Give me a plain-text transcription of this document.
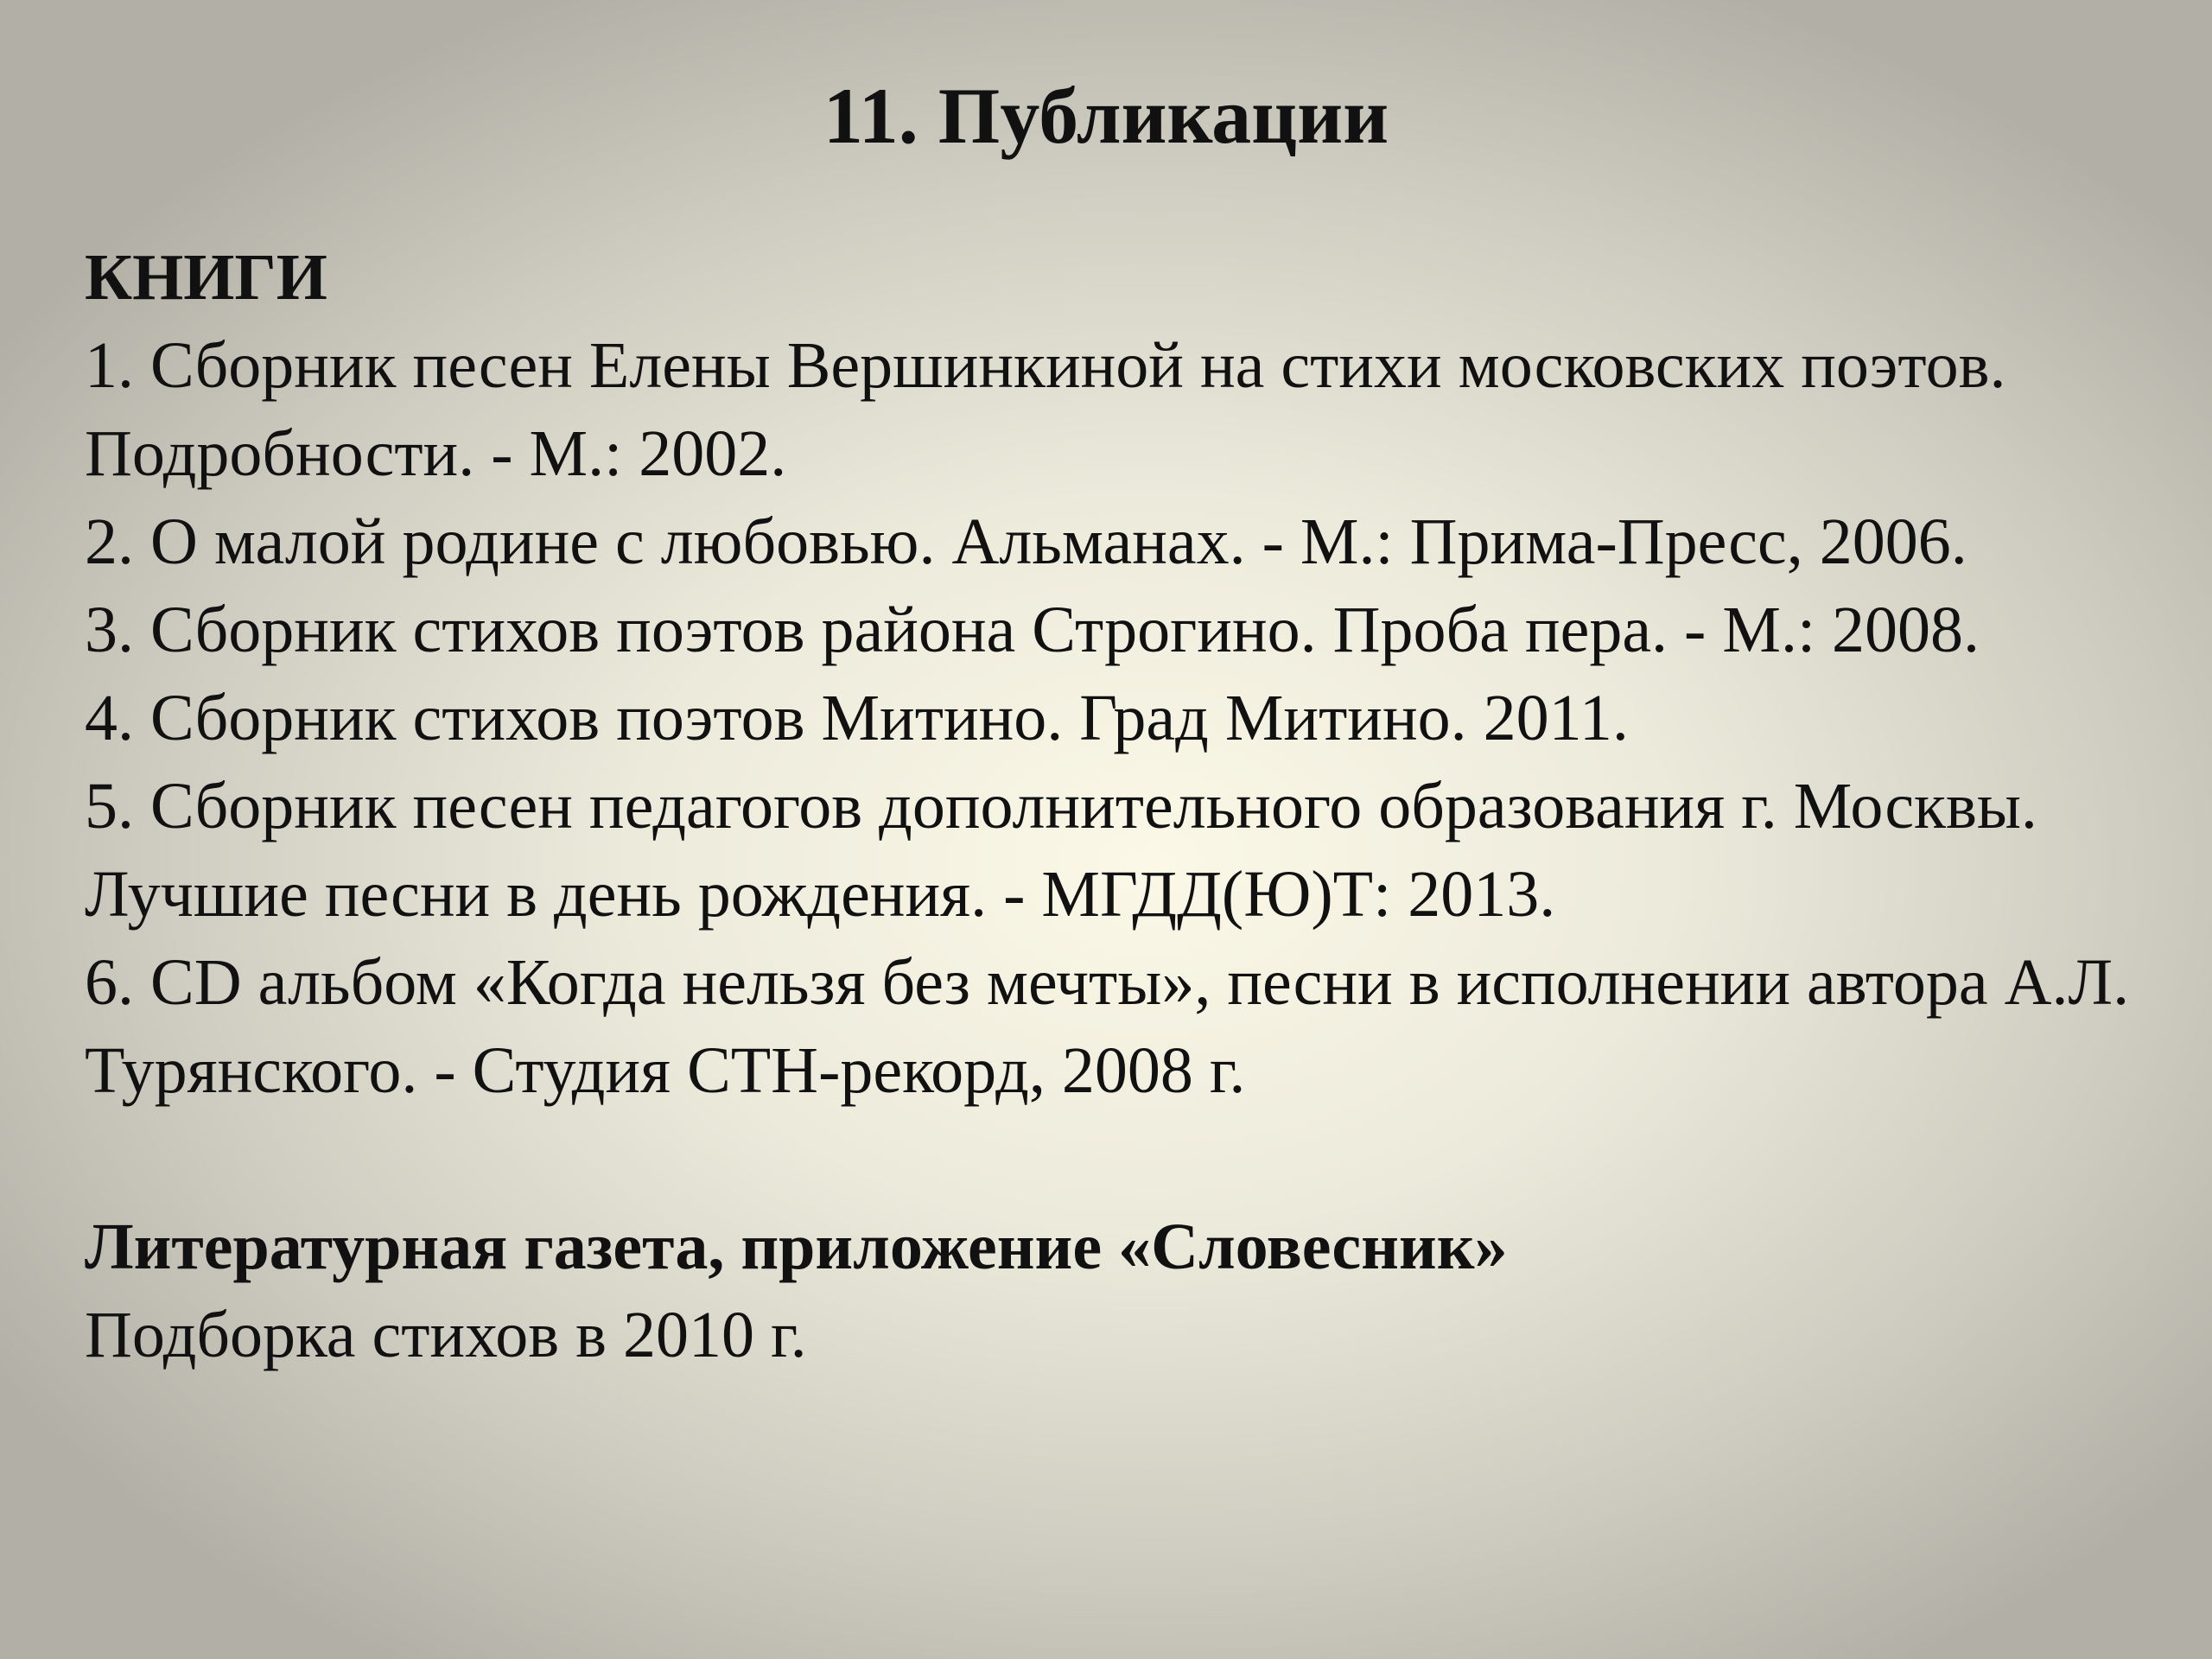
11. Публикации

КНИГИ

1. Сборник песен Елены Вершинкиной на стихи московских поэтов. Подробности. - М.: 2002.
2. О малой родине с любовью. Альманах. - М.: Прима-Пресс, 2006.
3. Сборник стихов поэтов района Строгино. Проба пера. - М.: 2008.
4. Сборник стихов поэтов Митино. Град Митино. 2011.
5. Сборник песен педагогов дополнительного образования г. Москвы. Лучшие песни в день рождения. - МГДД(Ю)Т: 2013.
6. CD альбом «Когда нельзя без мечты», песни в исполнении автора А.Л. Турянского. - Студия СТН-рекорд, 2008 г.

Литературная газета, приложение «Словесник»

Подборка стихов в 2010 г.
